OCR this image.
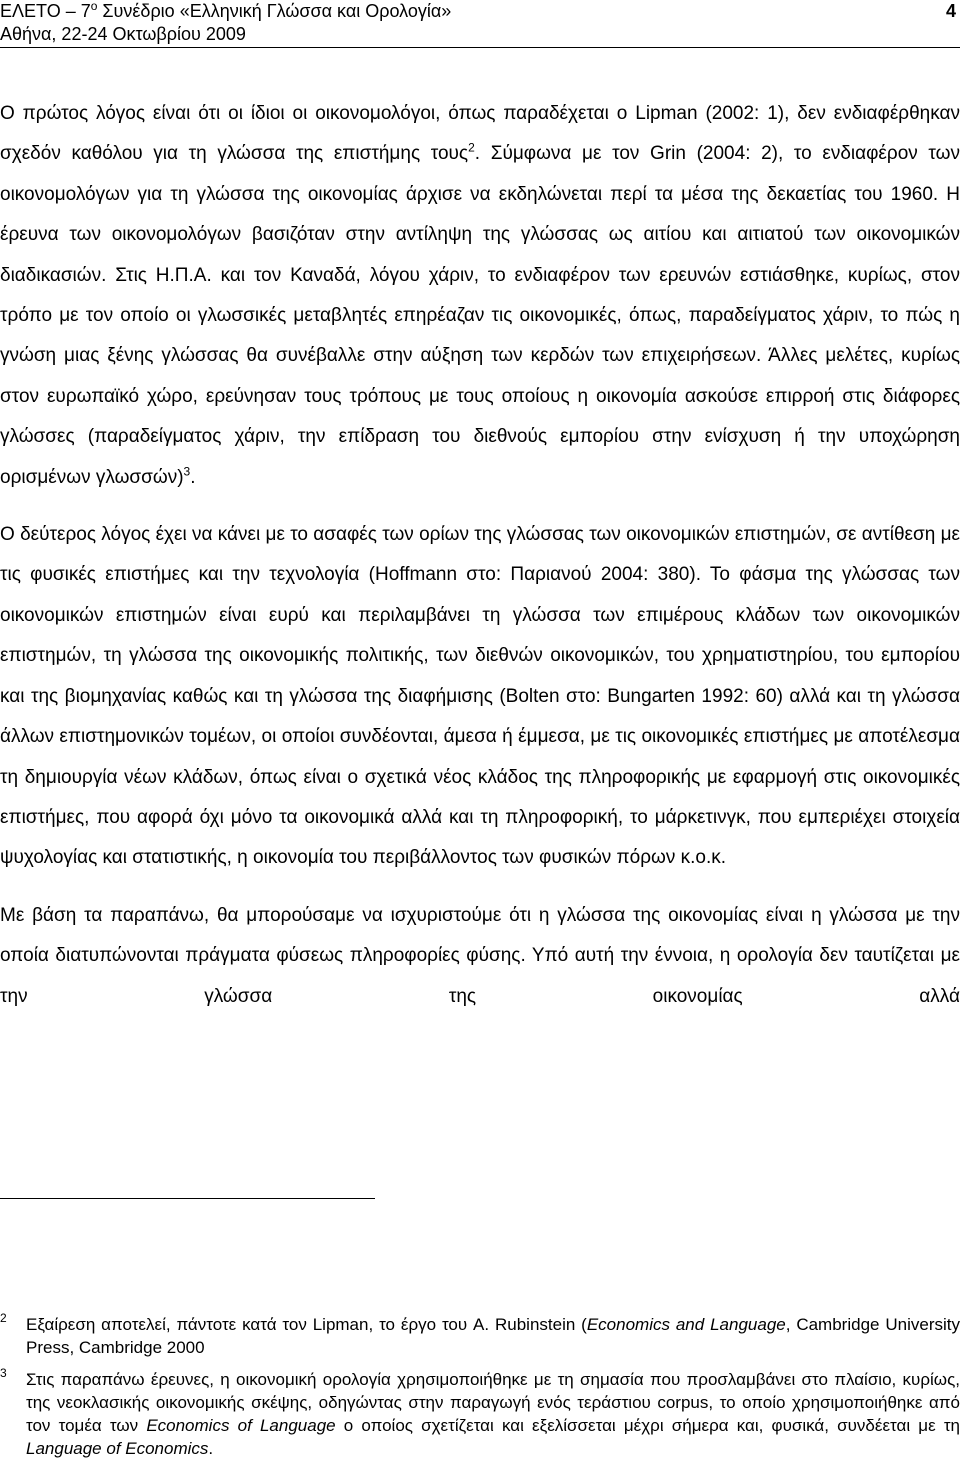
ΕΛΕΤΟ – $7^o$ Συνέδριο «Ελληνική Γλώσσα και Ορολογία»
Αθήνα, 22-24 Οκτωβρίου 2009
4

Ο πρώτος λόγος είναι ότι οι ίδιοι οι οικονομολόγοι, όπως παραδέχεται ο Lipman (2002: 1), δεν ενδιαφέρθηκαν σχεδόν καθόλου για τη γλώσσα της επιστήμης τους$^2$. Σύμφωνα με τον Grin (2004: 2), το ενδιαφέρον των οικονομολόγων για τη γλώσσα της οικονομίας άρχισε να εκδηλώνεται περί τα μέσα της δεκαετίας του 1960. Η έρευνα των οικονομολόγων βασιζόταν στην αντίληψη της γλώσσας ως αιτίου και αιτιατού των οικονομικών διαδικασιών. Στις Η.Π.Α. και τον Καναδά, λόγου χάριν, το ενδιαφέρον των ερευνών εστιάσθηκε, κυρίως, στον τρόπο με τον οποίο οι γλωσσικές μεταβλητές επηρέαζαν τις οικονομικές, όπως, παραδείγματος χάριν, το πώς η γνώση μιας ξένης γλώσσας θα συνέβαλλε στην αύξηση των κερδών των επιχειρήσεων. Άλλες μελέτες, κυρίως στον ευρωπαϊκό χώρο, ερεύνησαν τους τρόπους με τους οποίους η οικονομία ασκούσε επιρροή στις διάφορες γλώσσες (παραδείγματος χάριν, την επίδραση του διεθνούς εμπορίου στην ενίσχυση ή την υποχώρηση ορισμένων γλωσσών)$^3$.

Ο δεύτερος λόγος έχει να κάνει με το ασαφές των ορίων της γλώσσας των οικονομικών επιστημών, σε αντίθεση με τις φυσικές επιστήμες και την τεχνολογία (Hoffmann στο: Παριανού 2004: 380). Το φάσμα της γλώσσας των οικονομικών επιστημών είναι ευρύ και περιλαμβάνει τη γλώσσα των επιμέρους κλάδων των οικονομικών επιστημών, τη γλώσσα της οικονομικής πολιτικής, των διεθνών οικονομικών, του χρηματιστηρίου, του εμπορίου και της βιομηχανίας καθώς και τη γλώσσα της διαφήμισης (Bolten στο: Bungarten 1992: 60) αλλά και τη γλώσσα άλλων επιστημονικών τομέων, οι οποίοι συνδέονται, άμεσα ή έμμεσα, με τις οικονομικές επιστήμες με αποτέλεσμα τη δημιουργία νέων κλάδων, όπως είναι ο σχετικά νέος κλάδος της πληροφορικής με εφαρμογή στις οικονομικές επιστήμες, που αφορά όχι μόνο τα οικονομικά αλλά και τη πληροφορική, το μάρκετινγκ, που εμπεριέχει στοιχεία ψυχολογίας και στατιστικής, η οικονομία του περιβάλλοντος των φυσικών πόρων κ.ο.κ.

Με βάση τα παραπάνω, θα μπορούσαμε να ισχυριστούμε ότι η γλώσσα της οικονομίας είναι η γλώσσα με την οποία διατυπώνονται πράγματα φύσεως πληροφορίες φύσης. Υπό αυτή την έννοια, η ορολογία δεν ταυτίζεται με την γλώσσα της οικονομίας αλλά

2 Εξαίρεση αποτελεί, πάντοτε κατά τον Lipman, το έργο του A. Rubinstein (Economics and Language, Cambridge University Press, Cambridge 2000

3 Στις παραπάνω έρευνες, η οικονομική ορολογία χρησιμοποιήθηκε με τη σημασία που προσλαμβάνει στο πλαίσιο, κυρίως, της νεοκλασικής οικονομικής σκέψης, οδηγώντας στην παραγωγή ενός τεράστιου corpus, το οποίο χρησιμοποιήθηκε από τον τομέα των Economics of Language ο οποίος σχετίζεται και εξελίσσεται μέχρι σήμερα και, φυσικά, συνδέεται με τη Language of Economics.
